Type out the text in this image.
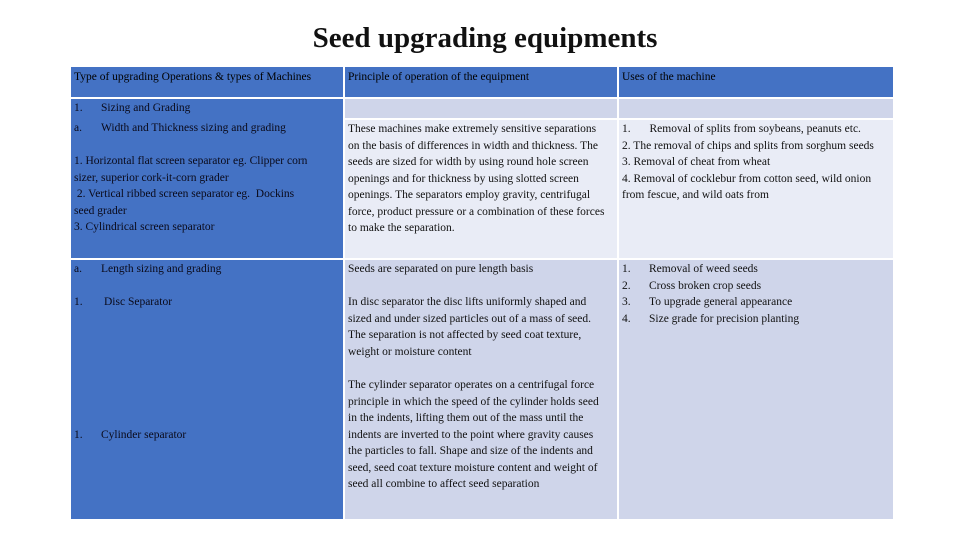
Seed upgrading equipments
Type of upgrading Operations & types of Machines	Principle of operation of the equipment	Uses of the machine
1. Sizing and Grading
a. Width and Thickness sizing and grading
1. Horizontal flat screen separator eg. Clipper corn
sizer, superior cork-it-corn grader
2. Vertical ribbed screen separator eg.  Dockins
seed grader
3. Cylindrical screen separator
These machines make extremely sensitive separations
on the basis of differences in width and thickness. The
seeds are sized for width by using round hole screen
openings and for thickness by using slotted screen
openings. The separators employ gravity, centrifugal
force, product pressure or a combination of these forces
to make the separation.
1. Removal of splits from soybeans, peanuts etc.
2. The removal of chips and splits from sorghum seeds
3. Removal of cheat from wheat
4. Removal of cocklebur from cotton seed, wild onion
from fescue, and wild oats from
a. Length sizing and grading
1. Disc Separator
1. Cylinder separator
Seeds are separated on pure length basis
In disc separator the disc lifts uniformly shaped and
sized and under sized particles out of a mass of seed.
The separation is not affected by seed coat texture,
weight or moisture content
The cylinder separator operates on a centrifugal force
principle in which the speed of the cylinder holds seed
in the indents, lifting them out of the mass until the
indents are inverted to the point where gravity causes
the particles to fall. Shape and size of the indents and
seed, seed coat texture moisture content and weight of
seed all combine to affect seed separation
1. Removal of weed seeds
2. Cross broken crop seeds
3. To upgrade general appearance
4. Size grade for precision planting
